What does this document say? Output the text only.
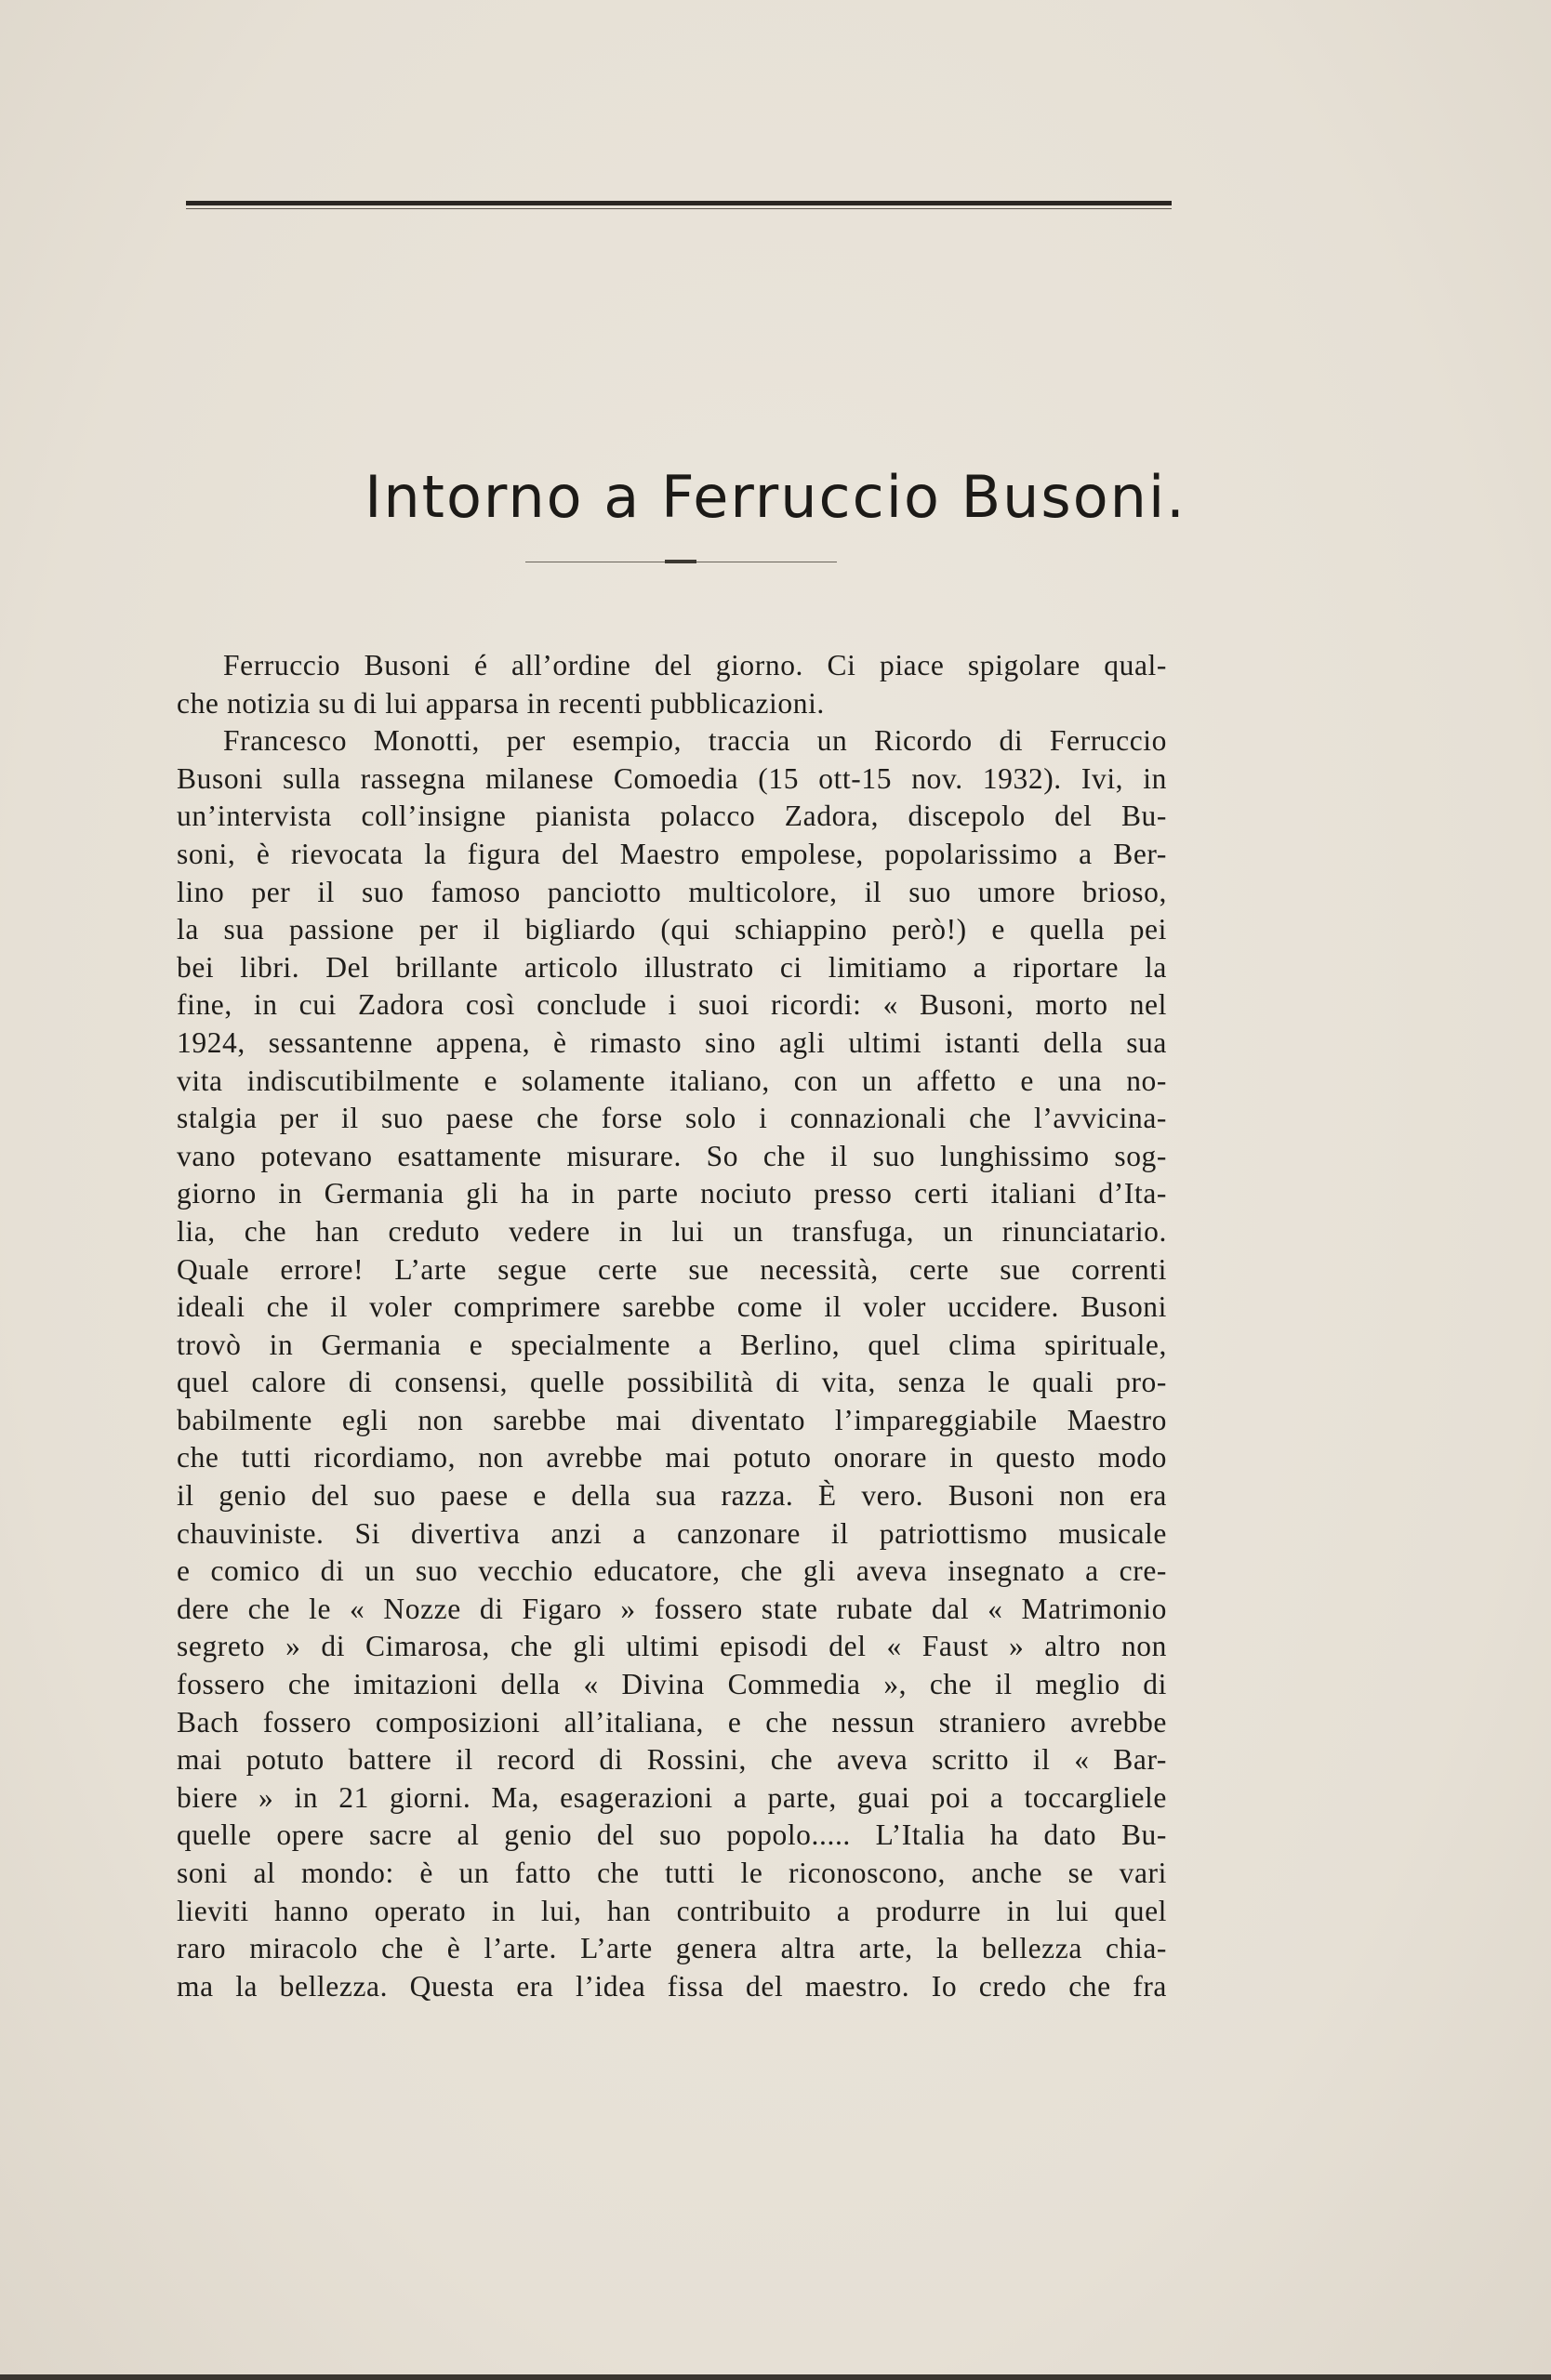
Intorno a Ferruccio Busoni.
Ferruccio Busoni é all’ordine del giorno. Ci piace spigolare qual-
che notizia su di lui apparsa in recenti pubblicazioni.
Francesco Monotti, per esempio, traccia un Ricordo di Ferruccio
Busoni sulla rassegna milanese Comoedia (15 ott-15 nov. 1932). Ivi, in
un’intervista coll’insigne pianista polacco Zadora, discepolo del Bu-
soni, è rievocata la figura del Maestro empolese, popolarissimo a Ber-
lino per il suo famoso panciotto multicolore, il suo umore brioso,
la sua passione per il bigliardo (qui schiappino però!) e quella pei
bei libri. Del brillante articolo illustrato ci limitiamo a riportare la
fine, in cui Zadora così conclude i suoi ricordi: « Busoni, morto nel
1924, sessantenne appena, è rimasto sino agli ultimi istanti della sua
vita indiscutibilmente e solamente italiano, con un affetto e una no-
stalgia per il suo paese che forse solo i connazionali che l’avvicina-
vano potevano esattamente misurare. So che il suo lunghissimo sog-
giorno in Germania gli ha in parte nociuto presso certi italiani d’Ita-
lia, che han creduto vedere in lui un transfuga, un rinunciatario.
Quale errore! L’arte segue certe sue necessità, certe sue correnti
ideali che il voler comprimere sarebbe come il voler uccidere. Busoni
trovò in Germania e specialmente a Berlino, quel clima spirituale,
quel calore di consensi, quelle possibilità di vita, senza le quali pro-
babilmente egli non sarebbe mai diventato l’impareggiabile Maestro
che tutti ricordiamo, non avrebbe mai potuto onorare in questo modo
il genio del suo paese e della sua razza. È vero. Busoni non era
chauviniste. Si divertiva anzi a canzonare il patriottismo musicale
e comico di un suo vecchio educatore, che gli aveva insegnato a cre-
dere che le « Nozze di Figaro » fossero state rubate dal « Matrimonio
segreto » di Cimarosa, che gli ultimi episodi del « Faust » altro non
fossero che imitazioni della « Divina Commedia », che il meglio di
Bach fossero composizioni all’italiana, e che nessun straniero avrebbe
mai potuto battere il record di Rossini, che aveva scritto il « Bar-
biere » in 21 giorni. Ma, esagerazioni a parte, guai poi a toccargliele
quelle opere sacre al genio del suo popolo..... L’Italia ha dato Bu-
soni al mondo: è un fatto che tutti le riconoscono, anche se vari
lieviti hanno operato in lui, han contribuito a produrre in lui quel
raro miracolo che è l’arte. L’arte genera altra arte, la bellezza chia-
ma la bellezza. Questa era l’idea fissa del maestro. Io credo che fra
